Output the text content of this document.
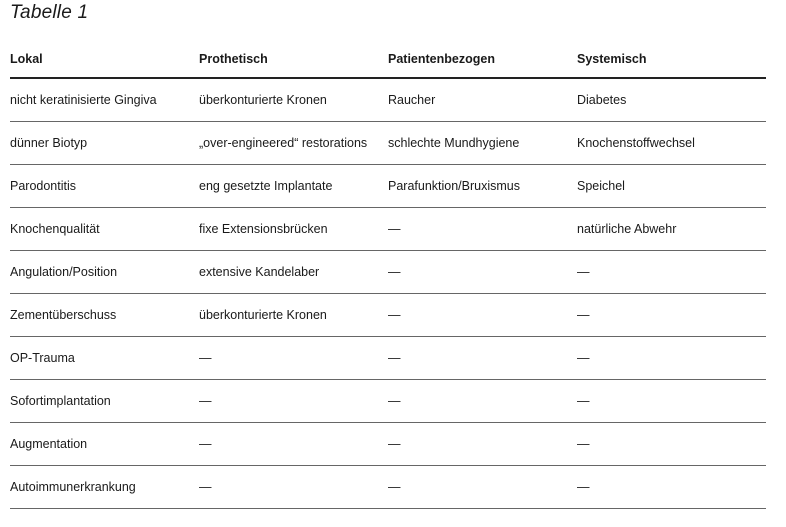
Tabelle 1
Lokal	Prothetisch	Patientenbezogen	Systemisch
nicht keratinisierte Gingiva	überkonturierte Kronen	Raucher	Diabetes
dünner Biotyp	„over-engineered“ restorations	schlechte Mundhygiene	Knochenstoffwechsel
Parodontitis	eng gesetzte Implantate	Parafunktion/Bruxismus	Speichel
Knochenqualität	fixe Extensionsbrücken	—	natürliche Abwehr
Angulation/Position	extensive Kandelaber	—	—
Zementüberschuss	überkonturierte Kronen	—	—
OP-Trauma	—	—	—
Sofortimplantation	—	—	—
Augmentation	—	—	—
Autoimmunerkrankung	—	—	—
